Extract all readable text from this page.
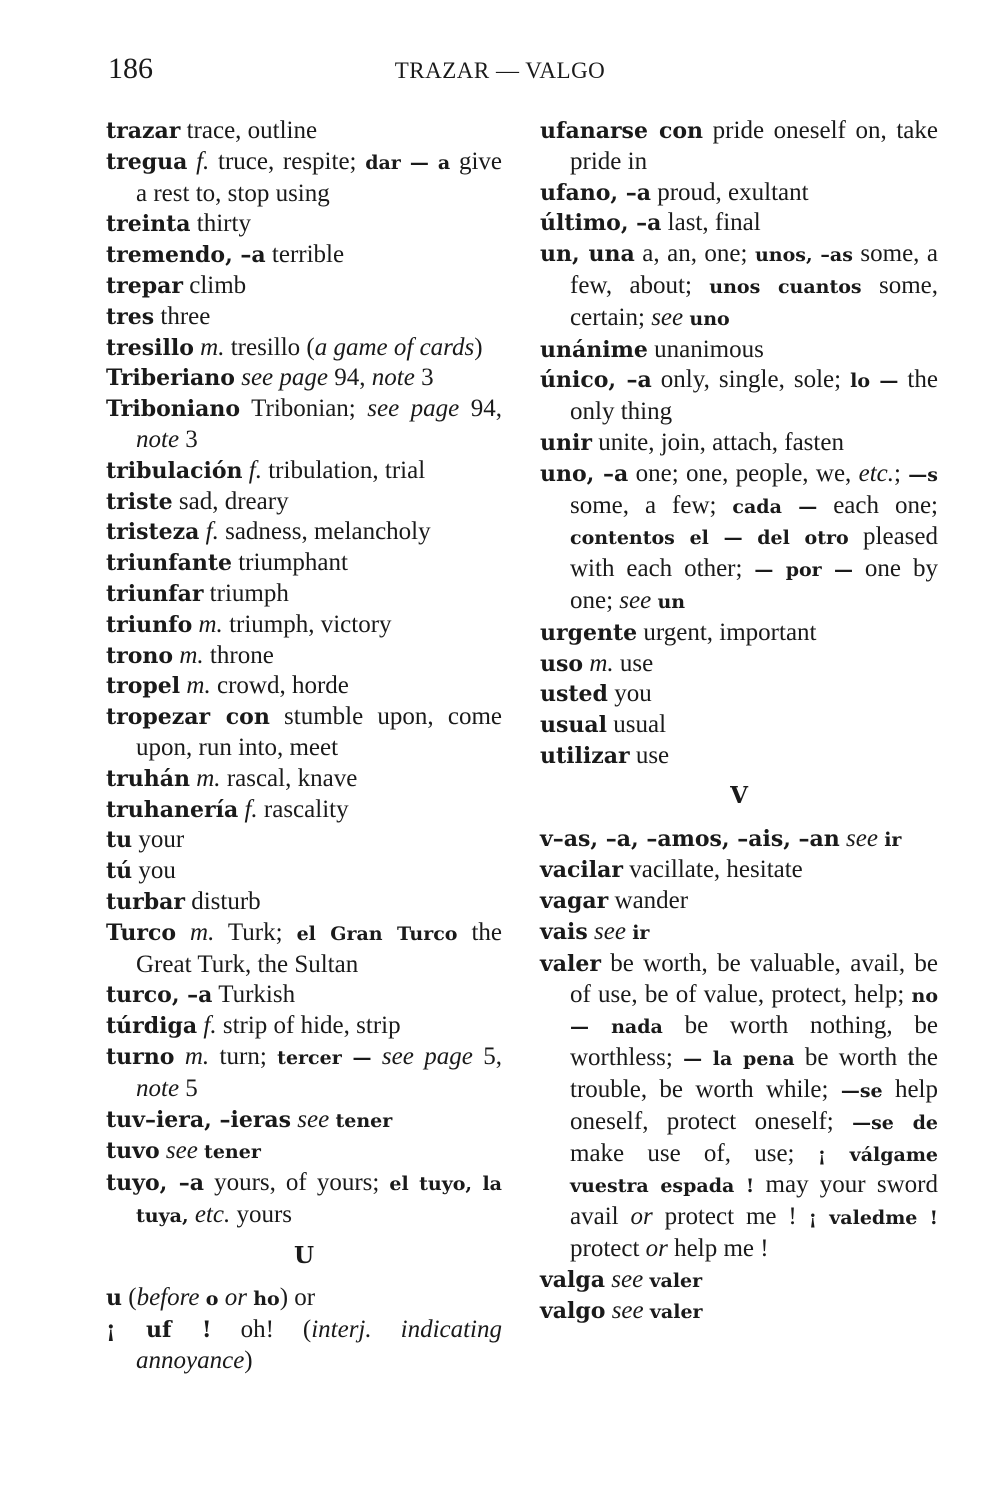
186	TRAZAR — VALGO
trazar trace, outline
tregua f. truce, respite; dar — a give a rest to, stop using
treinta thirty
tremendo, –a terrible
trepar climb
tres three
tresillo m. tresillo (a game of cards)
Triberiano see page 94, note 3
Triboniano Tribonian; see page 94, note 3
tribulación f. tribulation, trial
triste sad, dreary
tristeza f. sadness, melancholy
triunfante triumphant
triunfar triumph
triunfo m. triumph, victory
trono m. throne
tropel m. crowd, horde
tropezar con stumble upon, come upon, run into, meet
truhán m. rascal, knave
truhanería f. rascality
tu your
tú you
turbar disturb
Turco m. Turk; el Gran Turco the Great Turk, the Sultan
turco, –a Turkish
túrdiga f. strip of hide, strip
turno m. turn; tercer — see page 5, note 5
tuv–iera, –ieras see tener
tuvo see tener
tuyo, –a yours, of yours; el tuyo, la tuya, etc. yours
U
u (before o or ho) or
¡ uf ! oh! (interj. indicating annoyance)
ufanarse con pride oneself on, take pride in
ufano, –a proud, exultant
último, –a last, final
un, una a, an, one; unos, –as some, a few, about; unos cuantos some, certain; see uno
unánime unanimous
único, –a only, single, sole; lo — the only thing
unir unite, join, attach, fasten
uno, –a one; one, people, we, etc.; —s some, a few; cada — each one; contentos el — del otro pleased with each other; — por — one by one; see un
urgente urgent, important
uso m. use
usted you
usual usual
utilizar use
V
v–as, –a, –amos, –ais, –an see ir
vacilar vacillate, hesitate
vagar wander
vais see ir
valer be worth, be valuable, avail, be of use, be of value, protect, help; no — nada be worth nothing, be worthless; — la pena be worth the trouble, be worth while; —se help oneself, protect oneself; —se de make use of, use; ¡ válgame vuestra espada ! may your sword avail or protect me ! ¡ valedme ! protect or help me !
valga see valer
valgo see valer
